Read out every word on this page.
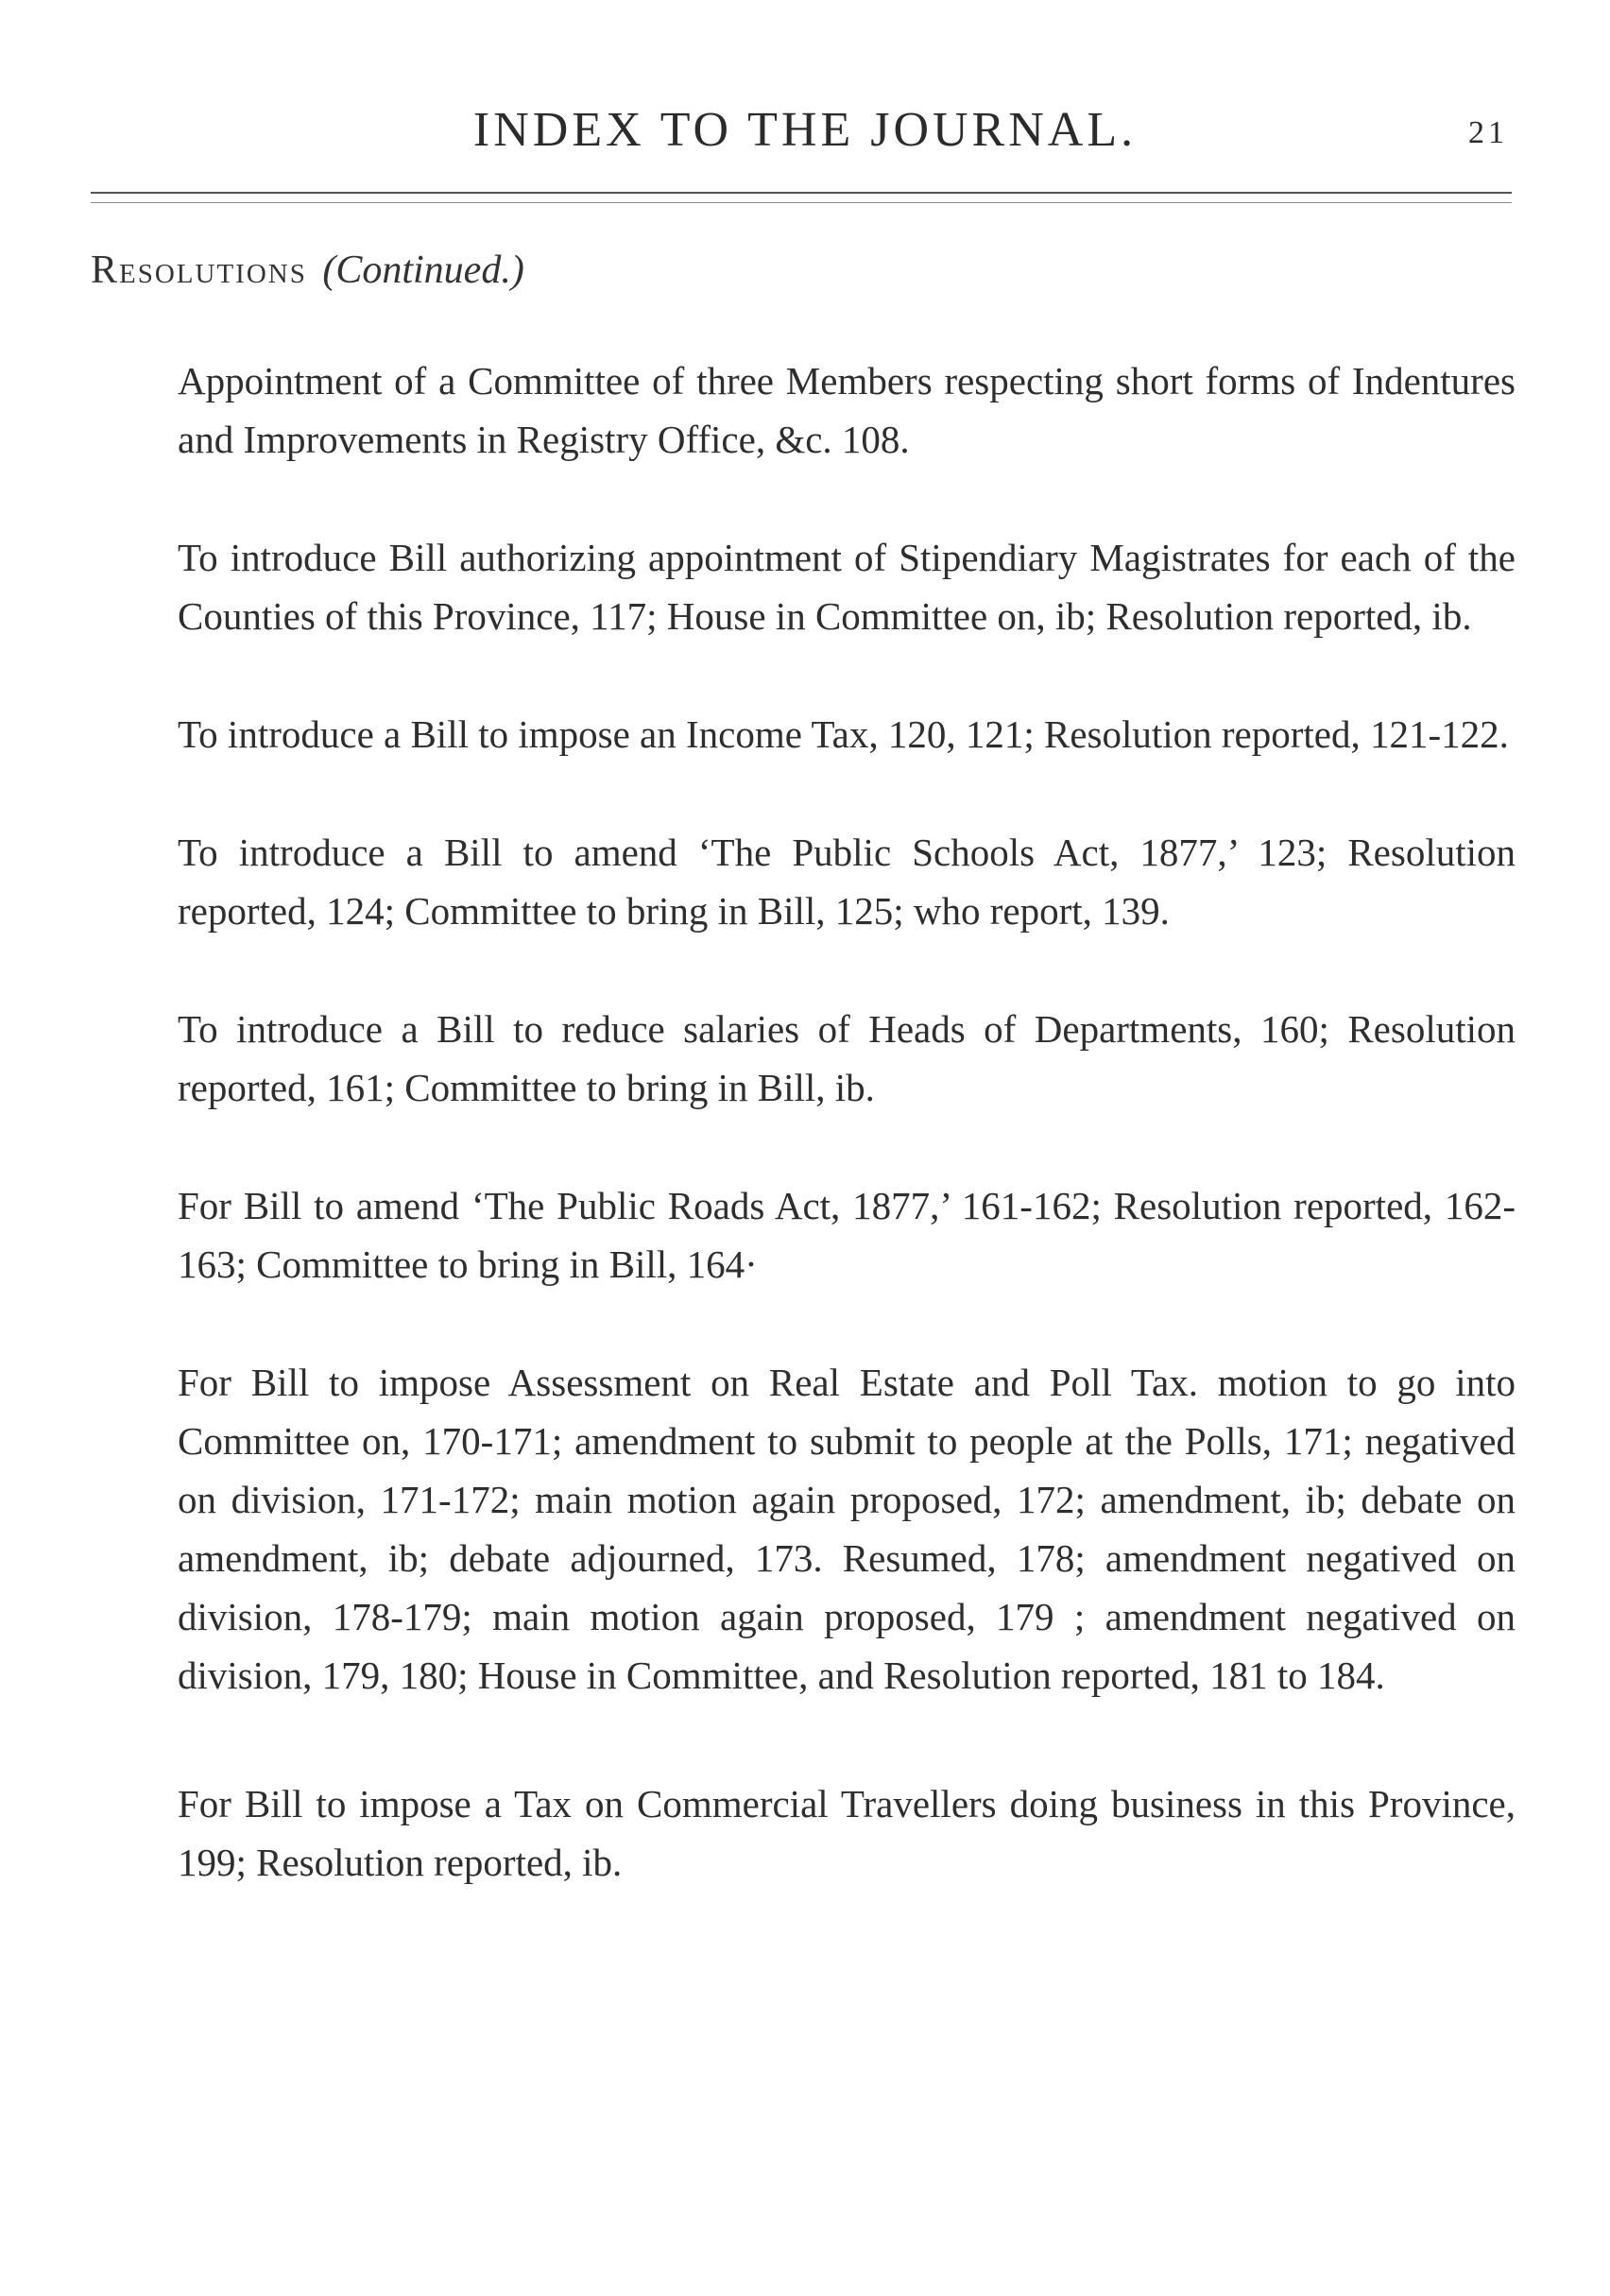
INDEX TO THE JOURNAL.	21
Resolutions (Continued.)

Appointment of a Committee of three Members respecting short forms of Indentures and Improvements in Registry Office, &c. 108.

To introduce Bill authorizing appointment of Stipendiary Magistrates for each of the Counties of this Province, 117; House in Committee on, ib; Resolution reported, ib.

To introduce a Bill to impose an Income Tax, 120, 121; Resolution reported, 121-122.

To introduce a Bill to amend ‘The Public Schools Act, 1877,’ 123; Resolution reported, 124; Committee to bring in Bill, 125; who report, 139.

To introduce a Bill to reduce salaries of Heads of Departments, 160; Resolution reported, 161; Committee to bring in Bill, ib.

For Bill to amend ‘The Public Roads Act, 1877,’ 161-162; Resolution reported, 162-163; Committee to bring in Bill, 164·

For Bill to impose Assessment on Real Estate and Poll Tax. motion to go into Committee on, 170-171; amendment to submit to people at the Polls, 171; negatived on division, 171-172; main motion again proposed, 172; amendment, ib; debate on amendment, ib; debate adjourned, 173. Resumed, 178; amendment negatived on division, 178-179; main motion again proposed, 179 ; amendment negatived on division, 179, 180; House in Committee, and Resolution reported, 181 to 184.

For Bill to impose a Tax on Commercial Travellers doing business in this Province, 199; Resolution reported, ib.
